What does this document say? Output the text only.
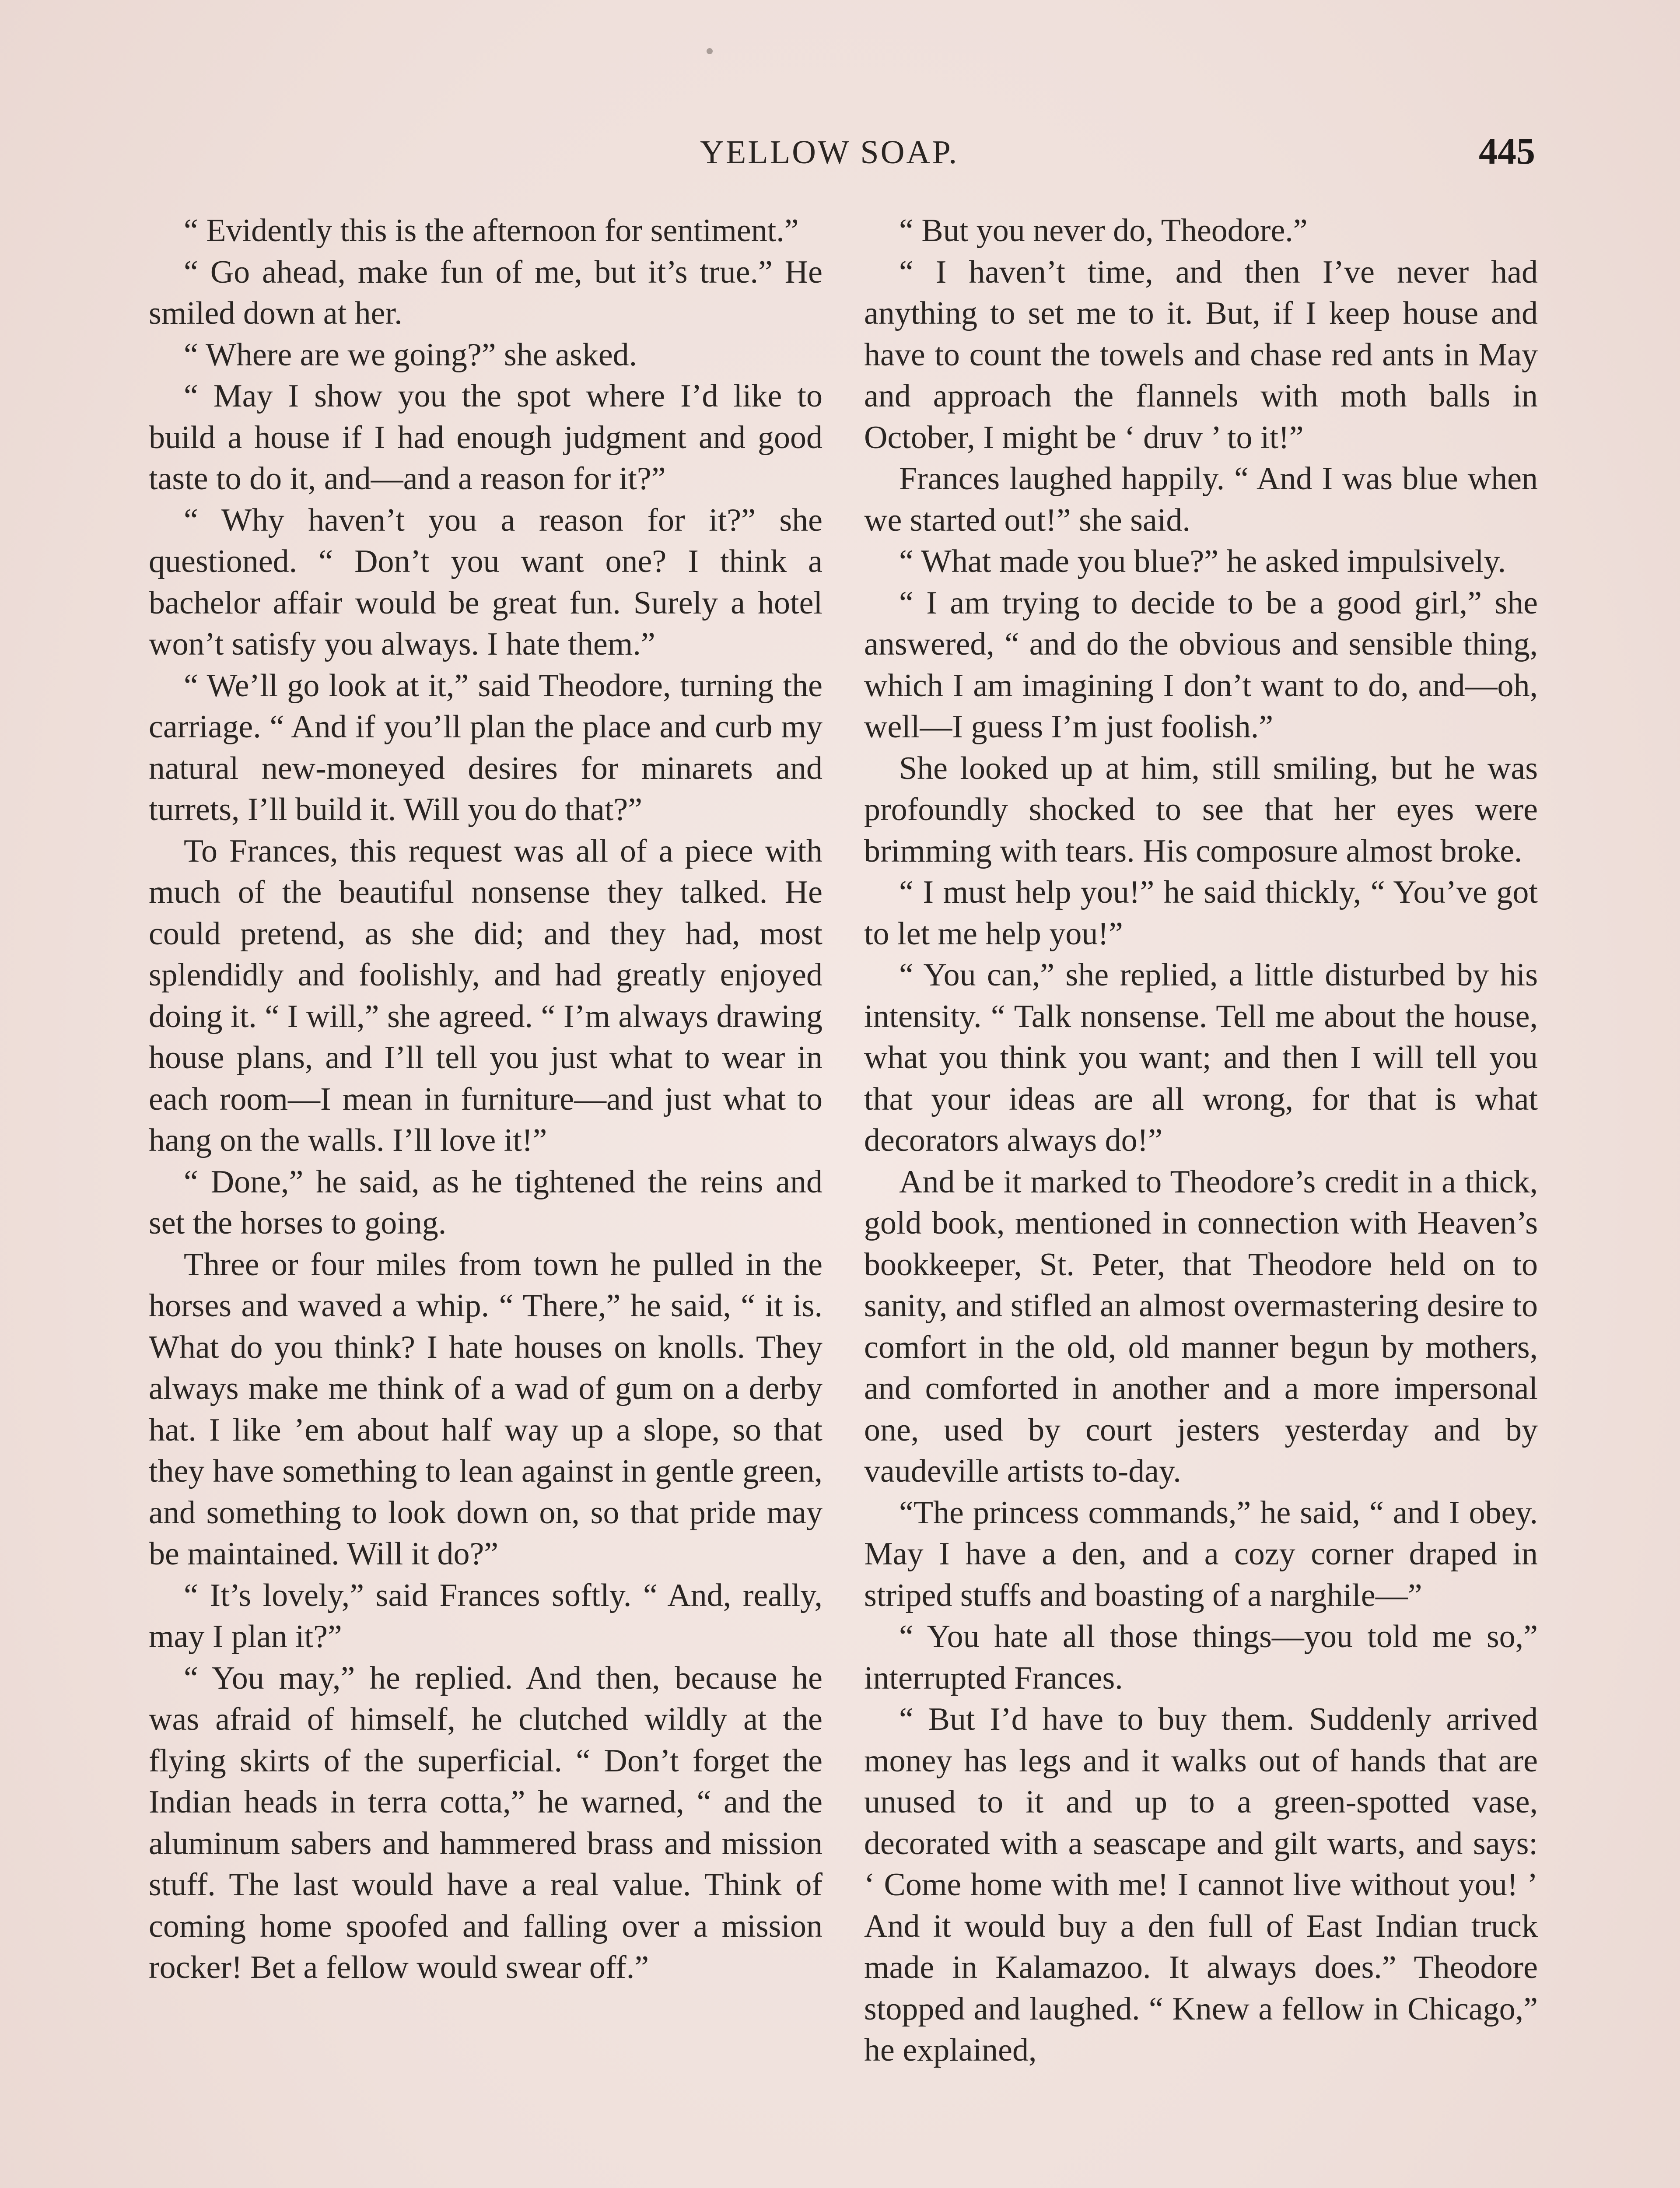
YELLOW SOAP.	445

“ Evidently this is the afternoon for sentiment.”

“ Go ahead, make fun of me, but it’s true.” He smiled down at her.

“ Where are we going?” she asked.

“ May I show you the spot where I’d like to build a house if I had enough judgment and good taste to do it, and—and a reason for it?”

“ Why haven’t you a reason for it?” she questioned. “ Don’t you want one? I think a bachelor affair would be great fun. Surely a hotel won’t satisfy you always. I hate them.”

“ We’ll go look at it,” said Theodore, turning the carriage. “ And if you’ll plan the place and curb my natural new-moneyed desires for minarets and turrets, I’ll build it. Will you do that?”

To Frances, this request was all of a piece with much of the beautiful nonsense they talked. He could pretend, as she did; and they had, most splendidly and foolishly, and had greatly enjoyed doing it. “ I will,” she agreed. “ I’m always drawing house plans, and I’ll tell you just what to wear in each room—I mean in furniture—and just what to hang on the walls. I’ll love it!”

“ Done,” he said, as he tightened the reins and set the horses to going.

Three or four miles from town he pulled in the horses and waved a whip. “ There,” he said, “ it is. What do you think? I hate houses on knolls. They always make me think of a wad of gum on a derby hat. I like ’em about half way up a slope, so that they have something to lean against in gentle green, and something to look down on, so that pride may be maintained. Will it do?”

“ It’s lovely,” said Frances softly. “ And, really, may I plan it?”

“ You may,” he replied. And then, because he was afraid of himself, he clutched wildly at the flying skirts of the superficial. “ Don’t forget the Indian heads in terra cotta,” he warned, “ and the aluminum sabers and hammered brass and mission stuff. The last would have a real value. Think of coming home spoofed and falling over a mission rocker! Bet a fellow would swear off.”

“ But you never do, Theodore.”

“ I haven’t time, and then I’ve never had anything to set me to it. But, if I keep house and have to count the towels and chase red ants in May and approach the flannels with moth balls in October, I might be ‘ druv ’ to it!”

Frances laughed happily. “ And I was blue when we started out!” she said.

“ What made you blue?” he asked impulsively.

“ I am trying to decide to be a good girl,” she answered, “ and do the obvious and sensible thing, which I am imagining I don’t want to do, and—oh, well—I guess I’m just foolish.”

She looked up at him, still smiling, but he was profoundly shocked to see that her eyes were brimming with tears. His composure almost broke.

“ I must help you!” he said thickly, “ You’ve got to let me help you!”

“ You can,” she replied, a little disturbed by his intensity. “ Talk nonsense. Tell me about the house, what you think you want; and then I will tell you that your ideas are all wrong, for that is what decorators always do!”

And be it marked to Theodore’s credit in a thick, gold book, mentioned in connection with Heaven’s bookkeeper, St. Peter, that Theodore held on to sanity, and stifled an almost overmastering desire to comfort in the old, old manner begun by mothers, and comforted in another and a more impersonal one, used by court jesters yesterday and by vaudeville artists to-day.

“The princess commands,” he said, “ and I obey. May I have a den, and a cozy corner draped in striped stuffs and boasting of a narghile—”

“ You hate all those things––you told me so,” interrupted Frances.

“ But I’d have to buy them. Suddenly arrived money has legs and it walks out of hands that are unused to it and up to a green-spotted vase, decorated with a seascape and gilt warts, and says: ‘ Come home with me! I cannot live without you! ’ And it would buy a den full of East Indian truck made in Kalamazoo. It always does.” Theodore stopped and laughed. “ Knew a fellow in Chicago,” he explained,
